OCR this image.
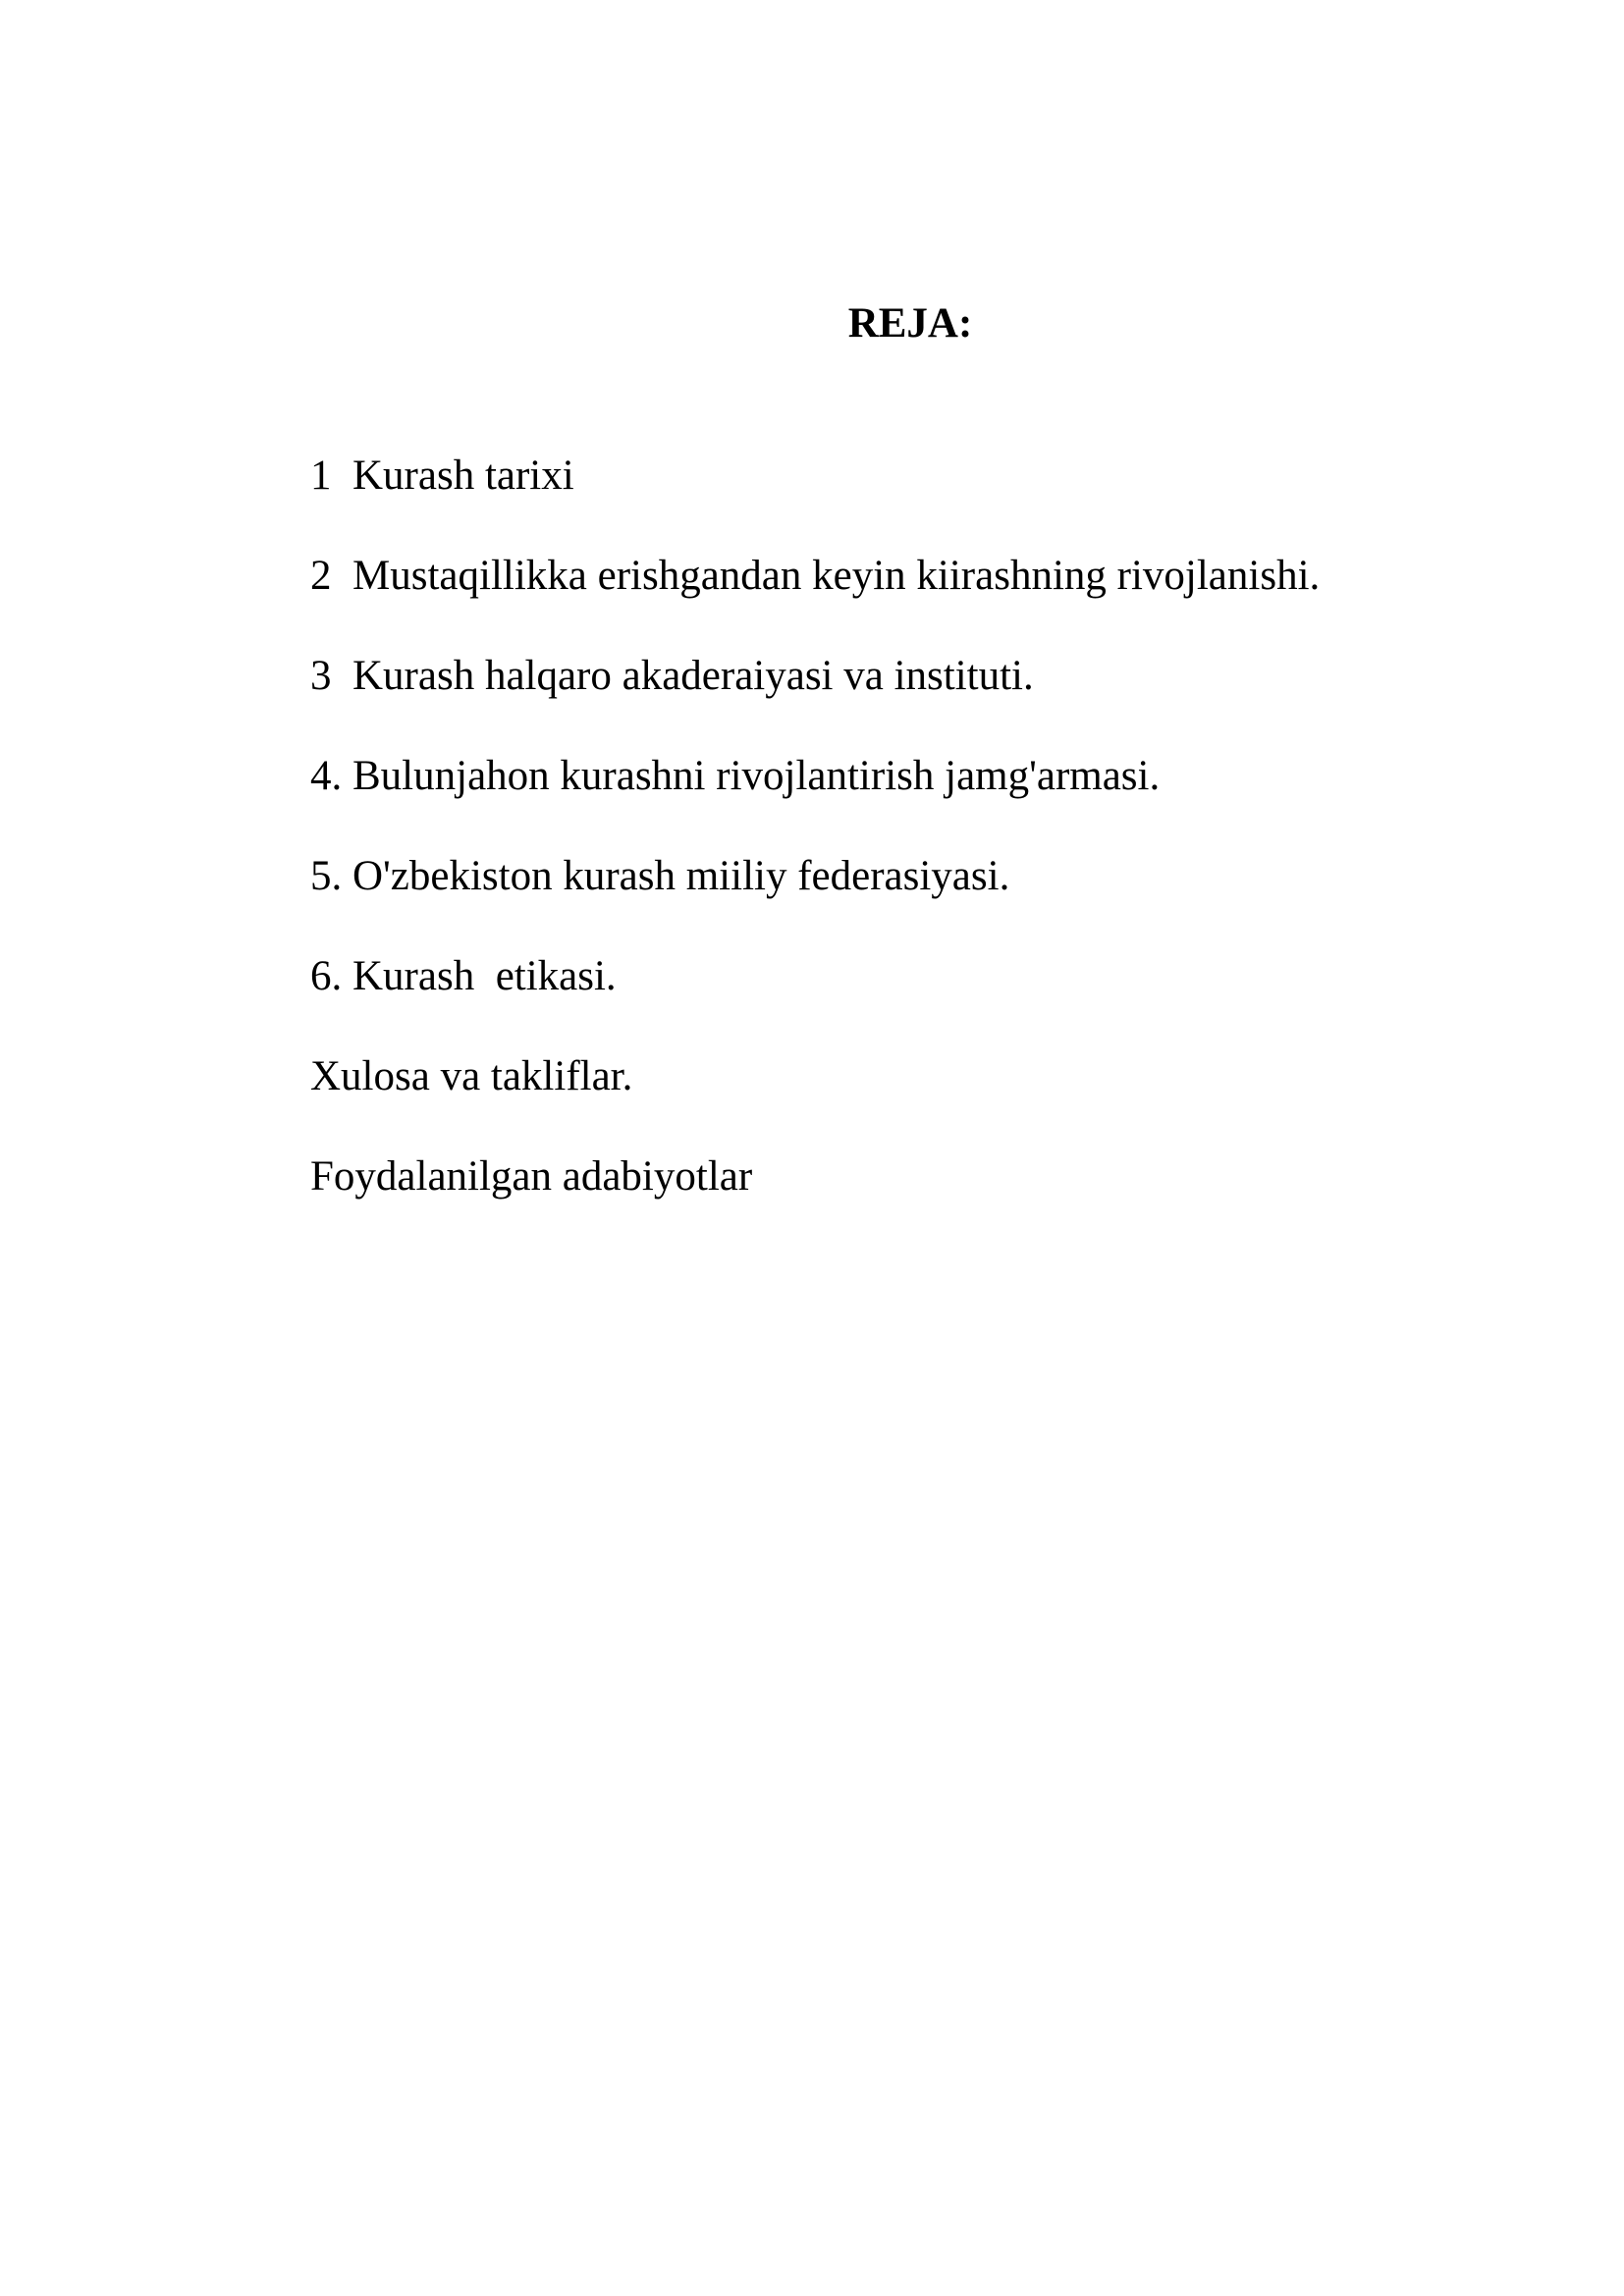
REJA:
1  Kurash tarixi
2  Mustaqillikka erishgandan keyin kiirashning rivojlanishi.
3  Kurash halqaro akaderaiyasi va instituti.
4. Bulunjahon kurashni rivojlantirish jamg'armasi.
5. O'zbekiston kurash miiliy federasiyasi.
6. Kurash  etikasi.
Xulosa va takliflar.
Foydalanilgan adabiyotlar
